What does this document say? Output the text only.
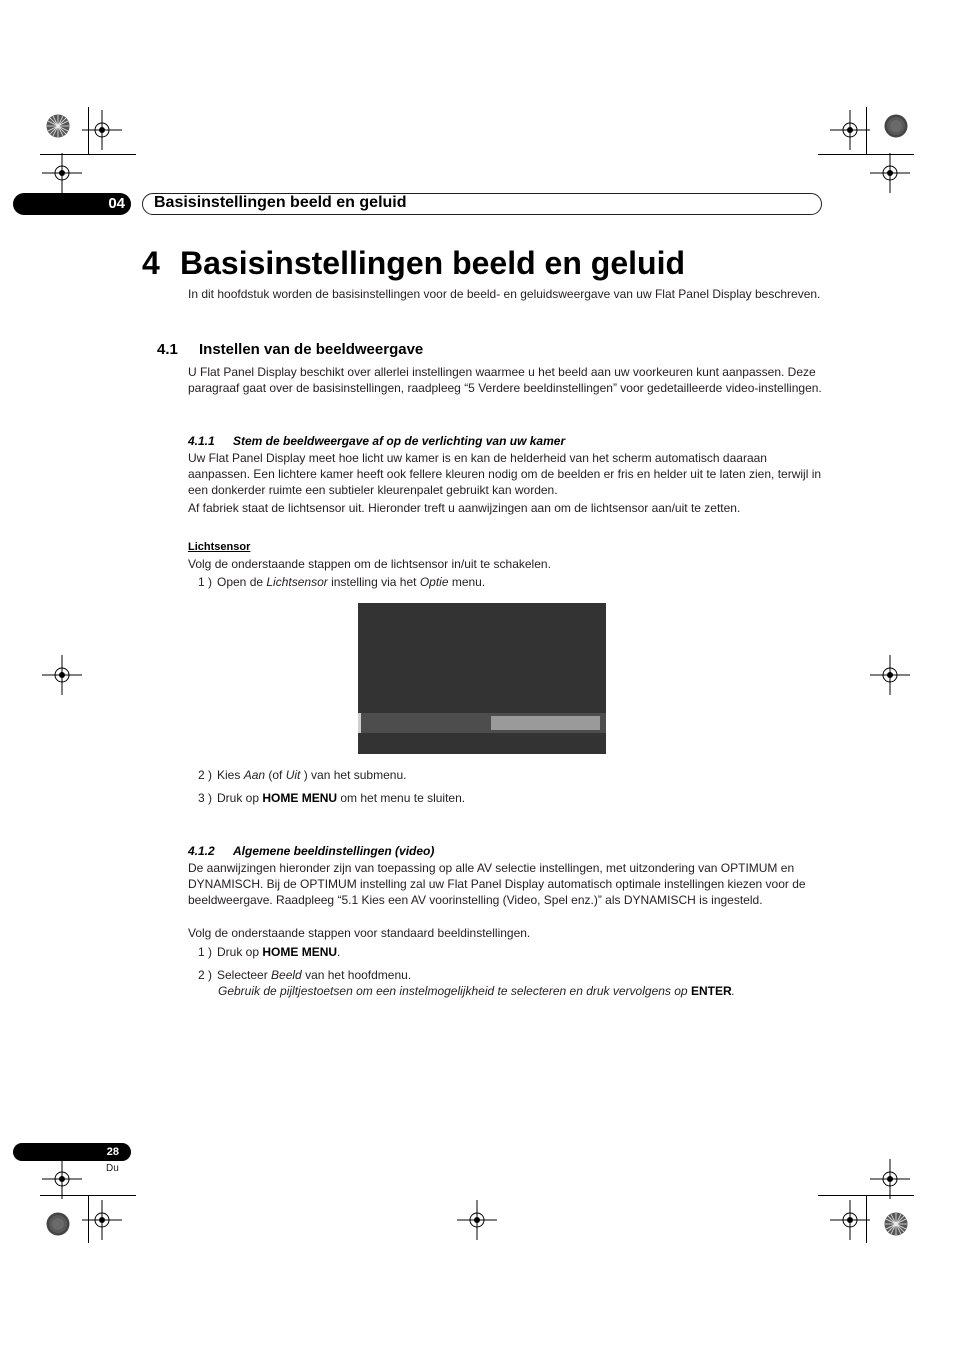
04	Basisinstellingen beeld en geluid
4 Basisinstellingen beeld en geluid
In dit hoofdstuk worden de basisinstellingen voor de beeld- en geluidsweergave van uw Flat Panel Display beschreven.
4.1 Instellen van de beeldweergave
U Flat Panel Display beschikt over allerlei instellingen waarmee u het beeld aan uw voorkeuren kunt aanpassen. Deze paragraaf gaat over de basisinstellingen, raadpleeg “5 Verdere beeldinstellingen” voor gedetailleerde video-instellingen.
4.1.1 Stem de beeldweergave af op de verlichting van uw kamer
Uw Flat Panel Display meet hoe licht uw kamer is en kan de helderheid van het scherm automatisch daaraan aanpassen. Een lichtere kamer heeft ook fellere kleuren nodig om de beelden er fris en helder uit te laten zien, terwijl in een donkerder ruimte een subtieler kleurenpalet gebruikt kan worden.
Af fabriek staat de lichtsensor uit. Hieronder treft u aanwijzingen aan om de lichtsensor aan/uit te zetten.
Lichtsensor
Volg de onderstaande stappen om de lichtsensor in/uit te schakelen.
1 ) Open de Lichtsensor instelling via het Optie menu.
2 ) Kies Aan (of Uit ) van het submenu.
3 ) Druk op HOME MENU om het menu te sluiten.
4.1.2 Algemene beeldinstellingen (video)
De aanwijzingen hieronder zijn van toepassing op alle AV selectie instellingen, met uitzondering van OPTIMUM en DYNAMISCH. Bij de OPTIMUM instelling zal uw Flat Panel Display automatisch optimale instellingen kiezen voor de beeldweergave. Raadpleeg “5.1 Kies een AV voorinstelling (Video, Spel enz.)” als DYNAMISCH is ingesteld.
Volg de onderstaande stappen voor standaard beeldinstellingen.
1 ) Druk op HOME MENU.
2 ) Selecteer Beeld van het hoofdmenu.
Gebruik de pijltjestoetsen om een instelmogelijkheid te selecteren en druk vervolgens op ENTER.
28
Du
